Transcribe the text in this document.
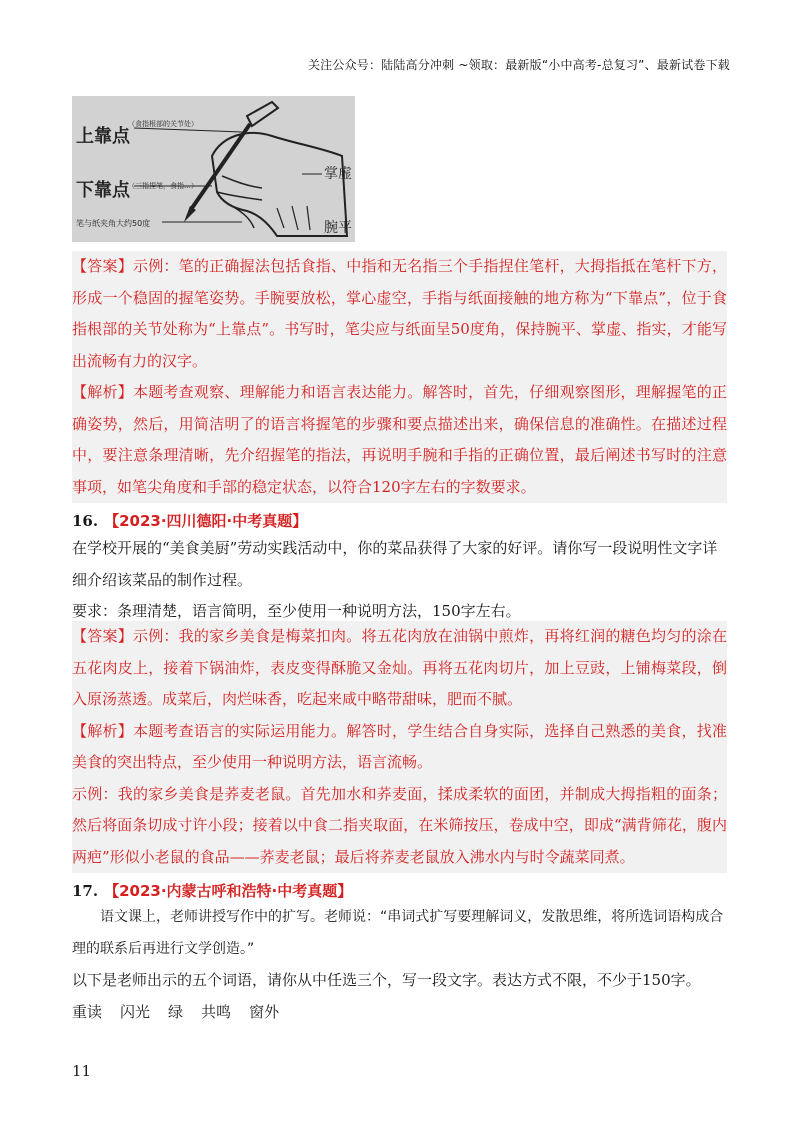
关注公众号：陆陆高分冲刺 ~领取：最新版“小中高考-总复习”、最新试卷下载
上靠点
（食指根部的关节处）
下靠点
（三指捏笔，食指…）
掌虚
腕平
笔与纸夹角大约50度

【答案】示例：笔的正确握法包括食指、中指和无名指三个手指捏住笔杆，大拇指抵在笔杆下方，形成一个稳固的握笔姿势。手腕要放松，掌心虚空，手指与纸面接触的地方称为“下靠点”，位于食指根部的关节处称为“上靠点”。书写时，笔尖应与纸面呈50度角，保持腕平、掌虚、指实，才能写出流畅有力的汉字。

【解析】本题考查观察、理解能力和语言表达能力。解答时，首先，仔细观察图形，理解握笔的正确姿势，然后，用简洁明了的语言将握笔的步骤和要点描述出来，确保信息的准确性。在描述过程中，要注意条理清晰，先介绍握笔的指法，再说明手腕和手指的正确位置，最后阐述书写时的注意事项，如笔尖角度和手部的稳定状态，以符合120字左右的字数要求。

16. 【2023·四川德阳·中考真题】

在学校开展的“美食美厨”劳动实践活动中，你的菜品获得了大家的好评。请你写一段说明性文字详细介绍该菜品的制作过程。

要求：条理清楚，语言简明，至少使用一种说明方法，150字左右。

【答案】示例：我的家乡美食是梅菜扣肉。将五花肉放在油锅中煎炸，再将红润的糖色均匀的涂在五花肉皮上，接着下锅油炸，表皮变得酥脆又金灿。再将五花肉切片，加上豆豉，上铺梅菜段，倒入原汤蒸透。成菜后，肉烂味香，吃起来咸中略带甜味，肥而不腻。

【解析】本题考查语言的实际运用能力。解答时，学生结合自身实际，选择自己熟悉的美食，找准美食的突出特点，至少使用一种说明方法，语言流畅。

示例：我的家乡美食是荞麦老鼠。首先加水和荞麦面，揉成柔软的面团，并制成大拇指粗的面条；然后将面条切成寸许小段；接着以中食二指夹取面，在米筛按压，卷成中空，即成“满背筛花，腹内两疤”形似小老鼠的食品——荞麦老鼠；最后将荞麦老鼠放入沸水内与时令蔬菜同煮。

17. 【2023·内蒙古呼和浩特·中考真题】

语文课上，老师讲授写作中的扩写。老师说：“串词式扩写要理解词义，发散思维，将所选词语构成合理的联系后再进行文学创造。”

以下是老师出示的五个词语，请你从中任选三个，写一段文字。表达方式不限，不少于150字。

重读 闪光 绿 共鸣 窗外

11
